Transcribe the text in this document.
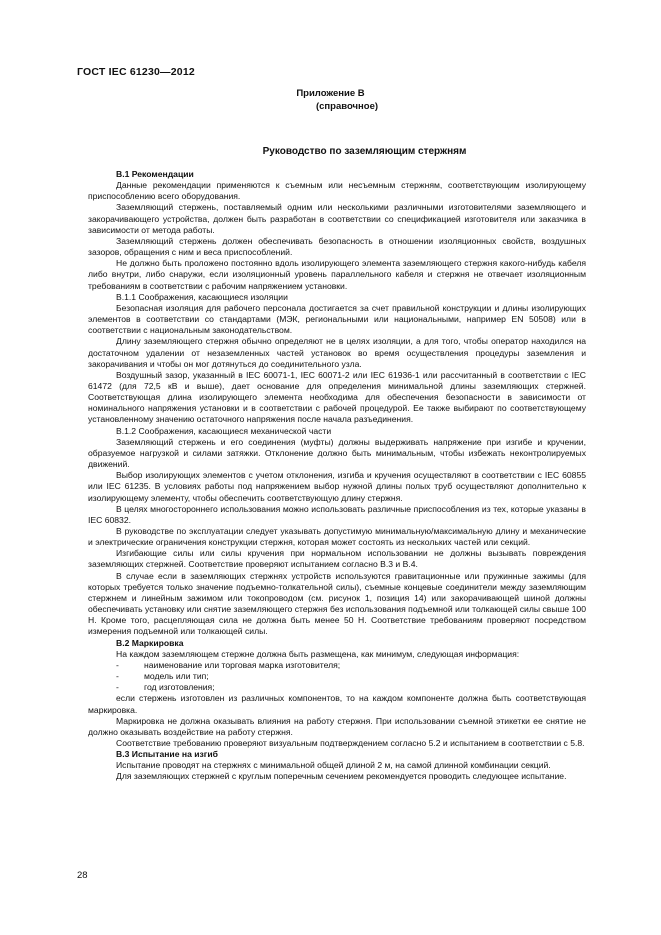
ГОСТ IEC 61230—2012
Приложение В
(справочное)
Руководство по заземляющим стержням
В.1 Рекомендации
Данные рекомендации применяются к съемным или несъемным стержням, соответствующим изолирующему приспособлению всего оборудования.
Заземляющий стержень, поставляемый одним или несколькими различными изготовителями заземляющего и закорачивающего устройства, должен быть разработан в соответствии со спецификацией изготовителя или заказчика в зависимости от метода работы.
Заземляющий стержень должен обеспечивать безопасность в отношении изоляционных свойств, воздушных зазоров, обращения с ним и веса приспособлений.
Не должно быть проложено постоянно вдоль изолирующего элемента заземляющего стержня какого-нибудь кабеля либо внутри, либо снаружи, если изоляционный уровень параллельного кабеля и стержня не отвечает изоляционным требованиям в соответствии с рабочим напряжением установки.
В.1.1 Соображения, касающиеся изоляции
Безопасная изоляция для рабочего персонала достигается за счет правильной конструкции и длины изолирующих элементов в соответствии со стандартами (МЭК, региональными или национальными, например EN 50508) или в соответствии с национальным законодательством.
Длину заземляющего стержня обычно определяют не в целях изоляции, а для того, чтобы оператор находился на достаточном удалении от незаземленных частей установок во время осуществления процедуры заземления и закорачивания и чтобы он мог дотянуться до соединительного узла.
Воздушный зазор, указанный в IEC 60071-1, IEC 60071-2 или IEC 61936-1 или рассчитанный в соответствии с IEC 61472 (для 72,5 кВ и выше), дает основание для определения минимальной длины заземляющих стержней. Соответствующая длина изолирующего элемента необходима для обеспечения безопасности в зависимости от номинального напряжения установки и в соответствии с рабочей процедурой. Ее также выбирают по соответствующему установленному значению остаточного напряжения после начала разъединения.
В.1.2 Соображения, касающиеся механической части
Заземляющий стержень и его соединения (муфты) должны выдерживать напряжение при изгибе и кручении, образуемое нагрузкой и силами затяжки. Отклонение должно быть минимальным, чтобы избежать неконтролируемых движений.
Выбор изолирующих элементов с учетом отклонения, изгиба и кручения осуществляют в соответствии с IEC 60855 или IEC 61235. В условиях работы под напряжением выбор нужной длины полых труб осуществляют дополнительно к изолирующему элементу, чтобы обеспечить соответствующую длину стержня.
В целях многостороннего использования можно использовать различные приспособления из тех, которые указаны в IEC 60832.
В руководстве по эксплуатации следует указывать допустимую минимальную/максимальную длину и механические и электрические ограничения конструкции стержня, которая может состоять из нескольких частей или секций.
Изгибающие силы или силы кручения при нормальном использовании не должны вызывать повреждения заземляющих стержней. Соответствие проверяют испытанием согласно В.3 и В.4.
В случае если в заземляющих стержнях устройств используются гравитационные или пружинные зажимы (для которых требуется только значение подъемно-толкательной силы), съемные концевые соединители между заземляющим стержнем и линейным зажимом или токопроводом (см. рисунок 1, позиция 14) или закорачивающей шиной должны обеспечивать установку или снятие заземляющего стержня без использования подъемной или толкающей силы свыше 100 Н. Кроме того, расцепляющая сила не должна быть менее 50 Н. Соответствие требованиям проверяют посредством измерения подъемной или толкающей силы.
В.2 Маркировка
На каждом заземляющем стержне должна быть размещена, как минимум, следующая информация:
-	наименование или торговая марка изготовителя;
-	модель или тип;
-	год изготовления;
если стержень изготовлен из различных компонентов, то на каждом компоненте должна быть соответствующая маркировка.
Маркировка не должна оказывать влияния на работу стержня. При использовании съемной этикетки ее снятие не должно оказывать воздействие на работу стержня.
Соответствие требованию проверяют визуальным подтверждением согласно 5.2 и испытанием в соответствии с 5.8.
В.3 Испытание на изгиб
Испытание проводят на стержнях с минимальной общей длиной 2 м, на самой длинной комбинации секций.
Для заземляющих стержней с круглым поперечным сечением рекомендуется проводить следующее испытание.
28
